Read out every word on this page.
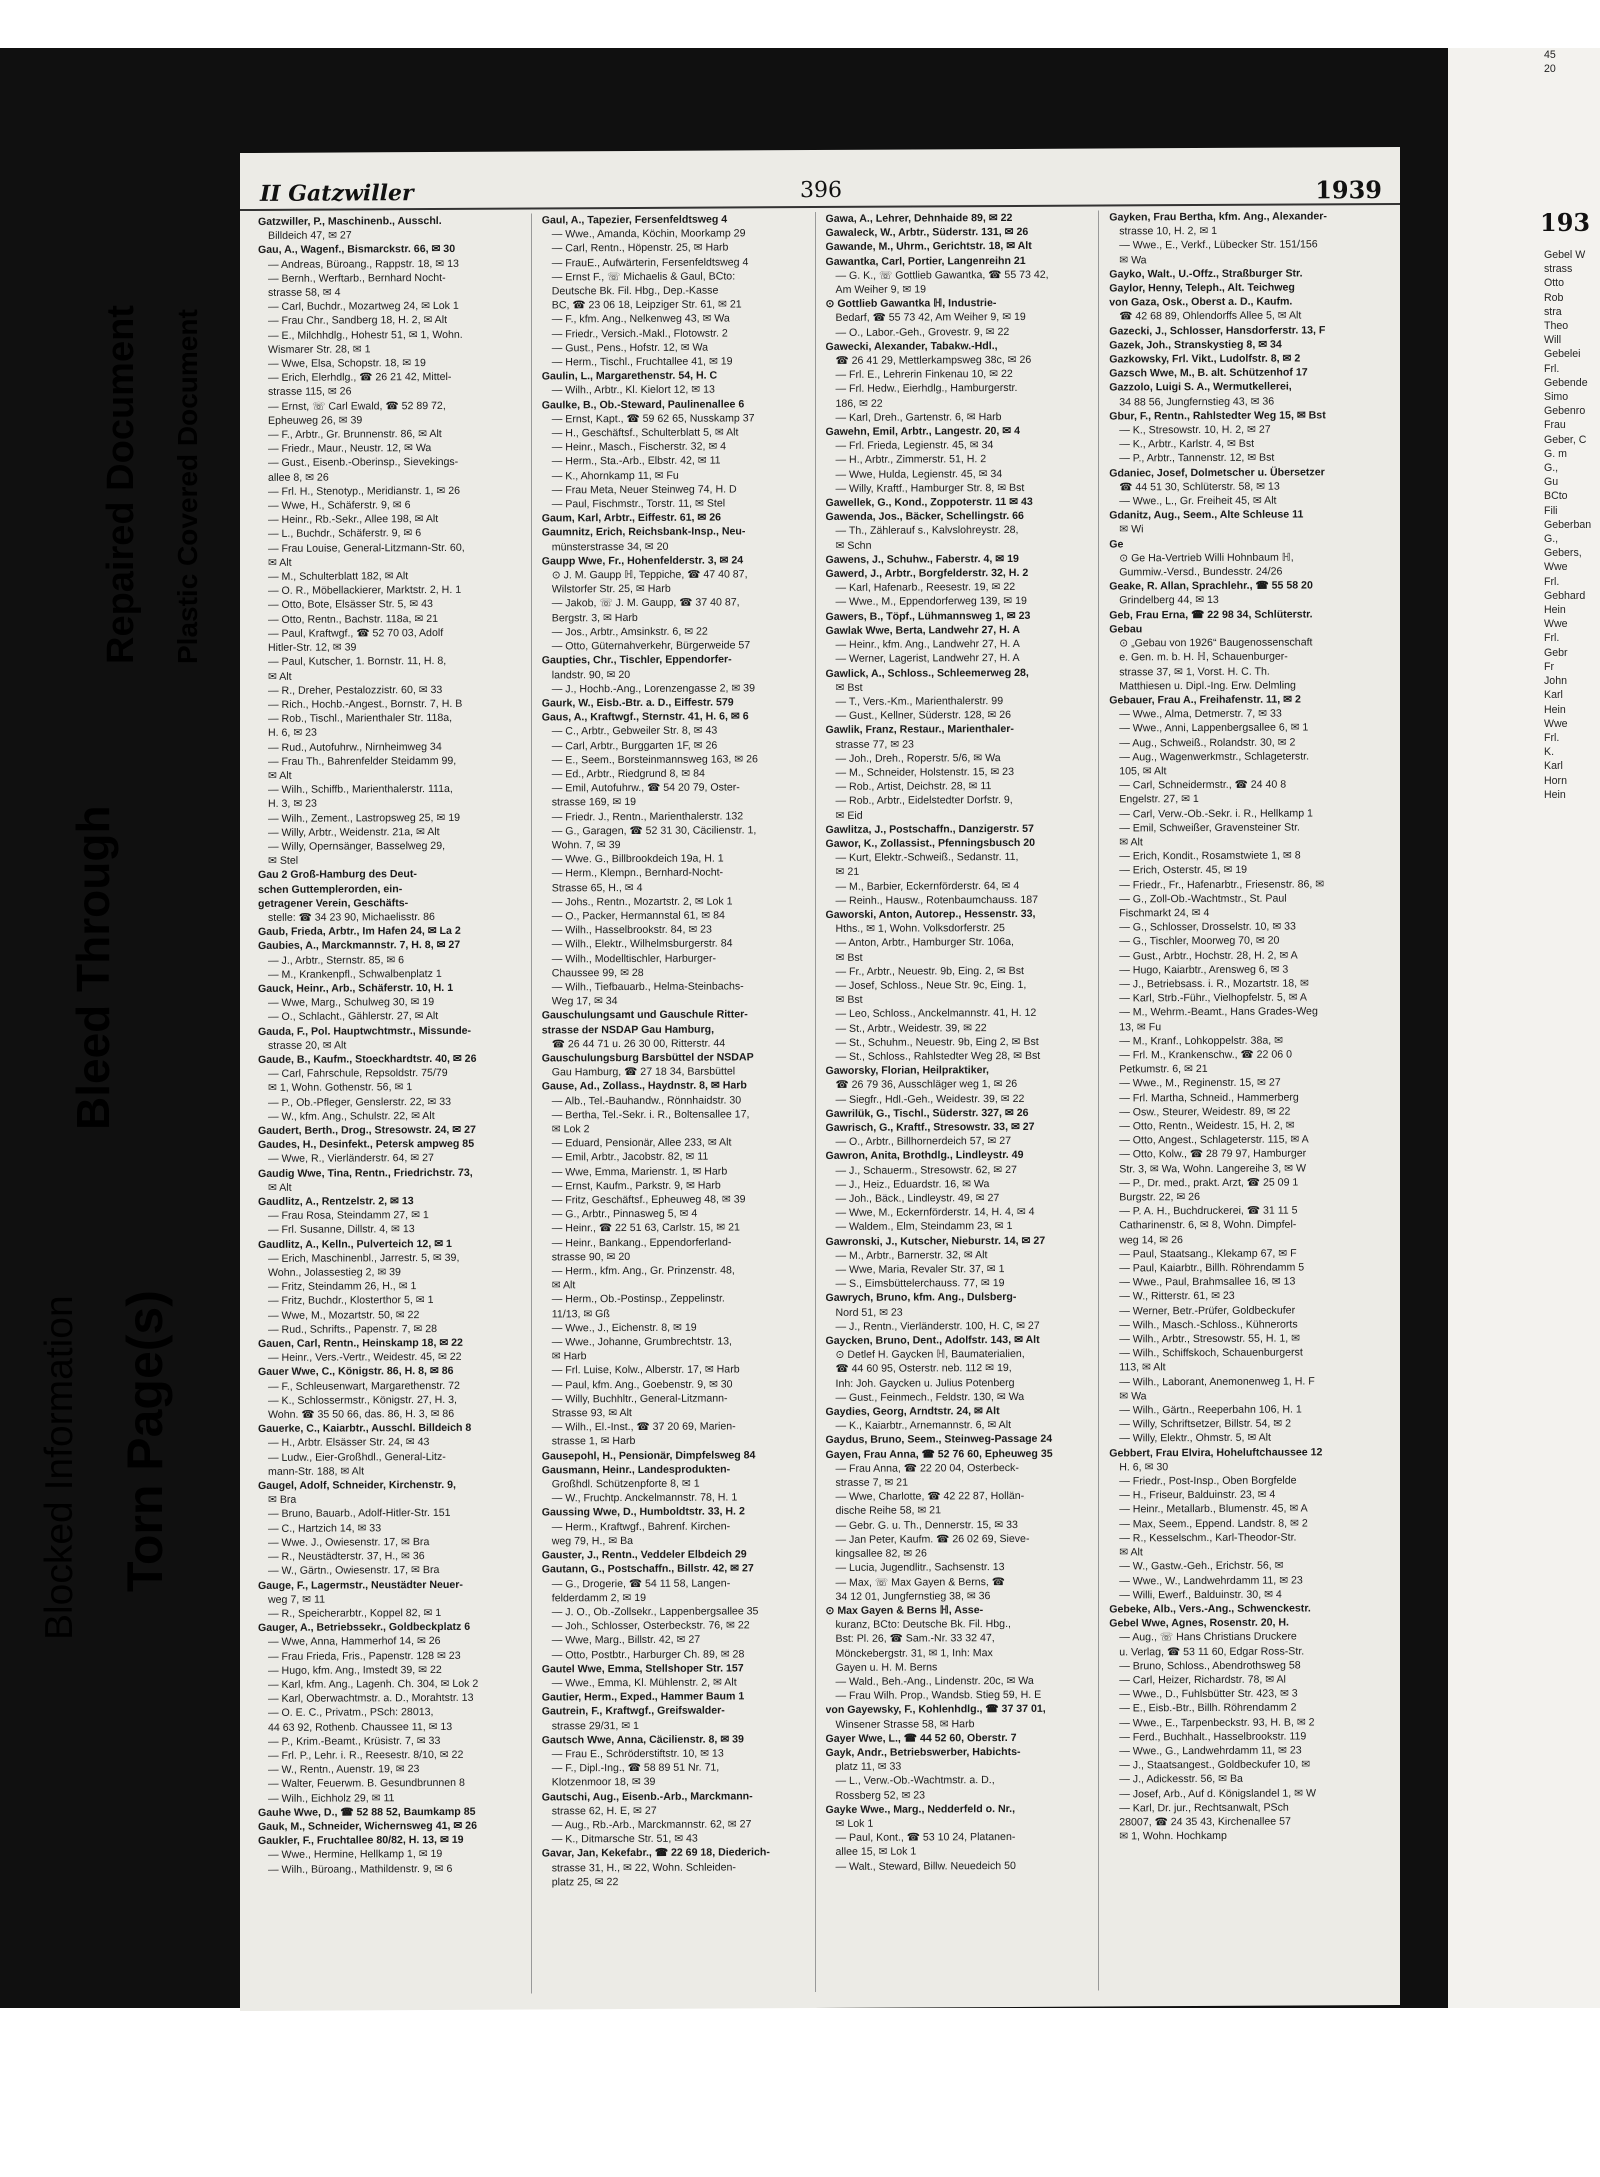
Blocked Information
Bleed Through
Torn Page(s)
Repaired Document Plastic Covered Document
II Gatzwiller	396	1939
Gatzwiller, P., Maschinenb., Ausschl.
Billdeich 47, ✉ 27
Gau, A., Wagenf., Bismarckstr. 66, ✉ 30
— Andreas, Büroang., Rappstr. 18, ✉ 13
— Bernh., Werftarb., Bernhard Nocht-
strasse 58, ✉ 4
— Carl, Buchdr., Mozartweg 24, ✉ Lok 1
— Frau Chr., Sandberg 18, H. 2, ✉ Alt
— E., Milchhdlg., Hohestr 51, ✉ 1, Wohn.
Wismarer Str. 28, ✉ 1
— Wwe, Elsa, Schopstr. 18, ✉ 19
— Erich, Elerhdlg., ☎ 26 21 42, Mittel-
strasse 115, ✉ 26
— Ernst, ☏ Carl Ewald, ☎ 52 89 72,
Epheuweg 26, ✉ 39
— F., Arbtr., Gr. Brunnenstr. 86, ✉ Alt
— Friedr., Maur., Neustr. 12, ✉ Wa
— Gust., Eisenb.-Oberinsp., Sievekings-
allee 8, ✉ 26
— Frl. H., Stenotyp., Meridianstr. 1, ✉ 26
— Wwe, H., Schäferstr. 9, ✉ 6
— Heinr., Rb.-Sekr., Allee 198, ✉ Alt
— L., Buchdr., Schäferstr. 9, ✉ 6
— Frau Louise, General-Litzmann-Str. 60,
✉ Alt
— M., Schulterblatt 182, ✉ Alt
— O. R., Möbellackierer, Marktstr. 2, H. 1
— Otto, Bote, Elsässer Str. 5, ✉ 43
— Otto, Rentn., Bachstr. 118a, ✉ 21
— Paul, Kraftwgf., ☎ 52 70 03, Adolf
Hitler-Str. 12, ✉ 39
— Paul, Kutscher, 1. Bornstr. 11, H. 8,
✉ Alt
— R., Dreher, Pestalozzistr. 60, ✉ 33
— Rich., Hochb.-Angest., Bornstr. 7, H. B
— Rob., Tischl., Marienthaler Str. 118a,
H. 6, ✉ 23
— Rud., Autofuhrw., Nirnheimweg 34
— Frau Th., Bahrenfelder Steidamm 99,
✉ Alt
— Wilh., Schiffb., Marienthalerstr. 111a,
H. 3, ✉ 23
— Wilh., Zement., Lastropsweg 25, ✉ 19
— Willy, Arbtr., Weidenstr. 21a, ✉ Alt
— Willy, Opernsänger, Basselweg 29,
✉ Stel
Gau 2 Groß-Hamburg des Deut-
schen Guttemplerorden, ein-
getragener Verein, Geschäfts-
stelle: ☎ 34 23 90, Michaelisstr. 86
Gaub, Frieda, Arbtr., Im Hafen 24, ✉ La 2
Gaubies, A., Marckmannstr. 7, H. 8, ✉ 27
— J., Arbtr., Sternstr. 85, ✉ 6
— M., Krankenpfl., Schwalbenplatz 1
Gauck, Heinr., Arb., Schäferstr. 10, H. 1
— Wwe, Marg., Schulweg 30, ✉ 19
— O., Schlacht., Gählerstr. 27, ✉ Alt
Gauda, F., Pol. Hauptwchtmstr., Missunde-
strasse 20, ✉ Alt
Gaude, B., Kaufm., Stoeckhardtstr. 40, ✉ 26
— Carl, Fahrschule, Repsoldstr. 75/79
✉ 1, Wohn. Gothenstr. 56, ✉ 1
— P., Ob.-Pfleger, Genslerstr. 22, ✉ 33
— W., kfm. Ang., Schulstr. 22, ✉ Alt
Gaudert, Berth., Drog., Stresowstr. 24, ✉ 27
Gaudes, H., Desinfekt., Petersk ampweg 85
— Wwe, R., Vierländerstr. 64, ✉ 27
Gaudig Wwe, Tina, Rentn., Friedrichstr. 73,
✉ Alt
Gaudlitz, A., Rentzelstr. 2, ✉ 13
— Frau Rosa, Steindamm 27, ✉ 1
— Frl. Susanne, Dillstr. 4, ✉ 13
Gaudlitz, A., Kelln., Pulverteich 12, ✉ 1
— Erich, Maschinenbl., Jarrestr. 5, ✉ 39,
Wohn., Jolassestieg 2, ✉ 39
— Fritz, Steindamm 26, H., ✉ 1
— Fritz, Buchdr., Klosterthor 5, ✉ 1
— Wwe, M., Mozartstr. 50, ✉ 22
— Rud., Schrifts., Papenstr. 7, ✉ 28
Gauen, Carl, Rentn., Heinskamp 18, ✉ 22
— Heinr., Vers.-Vertr., Weidestr. 45, ✉ 22
Gauer Wwe, C., Königstr. 86, H. 8, ✉ 86
— F., Schleusenwart, Margarethenstr. 72
— K., Schlossermstr., Königstr. 27, H. 3,
Wohn. ☎ 35 50 66, das. 86, H. 3, ✉ 86
Gauerke, C., Kaiarbtr., Ausschl. Billdeich 8
— H., Arbtr. Elsässer Str. 24, ✉ 43
— Ludw., Eier-Großhdl., General-Litz-
mann-Str. 188, ✉ Alt
Gaugel, Adolf, Schneider, Kirchenstr. 9,
✉ Bra
— Bruno, Bauarb., Adolf-Hitler-Str. 151
— C., Hartzich 14, ✉ 33
— Wwe. J., Owiesenstr. 17, ✉ Bra
— R., Neustädterstr. 37, H., ✉ 36
— W., Gärtn., Owiesenstr. 17, ✉ Bra
Gauge, F., Lagermstr., Neustädter Neuer-
weg 7, ✉ 11
— R., Speicherarbtr., Koppel 82, ✉ 1
Gauger, A., Betriebssekr., Goldbeckplatz 6
— Wwe, Anna, Hammerhof 14, ✉ 26
— Frau Frieda, Fris., Papenstr. 128 ✉ 23
— Hugo, kfm. Ang., Imstedt 39, ✉ 22
— Karl, kfm. Ang., Lagenh. Ch. 304, ✉ Lok 2
— Karl, Oberwachtmstr. a. D., Morahtstr. 13
— O. E. C., Privatm., PSch: 28013,
44 63 92, Rothenb. Chaussee 11, ✉ 13
— P., Krim.-Beamt., Krüsistr. 7, ✉ 33
— Frl. P., Lehr. i. R., Reesestr. 8/10, ✉ 22
— W., Rentn., Auenstr. 19, ✉ 23
— Walter, Feuerwm. B. Gesundbrunnen 8
— Wilh., Eichholz 29, ✉ 11
Gauhe Wwe, D., ☎ 52 88 52, Baumkamp 85
Gauk, M., Schneider, Wichernsweg 41, ✉ 26
Gaukler, F., Fruchtallee 80/82, H. 13, ✉ 19
— Wwe., Hermine, Hellkamp 1, ✉ 19
— Wilh., Büroang., Mathildenstr. 9, ✉ 6
Gaul, A., Tapezier, Fersenfeldtsweg 4
— Wwe., Amanda, Köchin, Moorkamp 29
— Carl, Rentn., Höpenstr. 25, ✉ Harb
— FrauE., Aufwärterin, Fersenfeldtsweg 4
— Ernst F., ☏ Michaelis & Gaul, BCto:
Deutsche Bk. Fil. Hbg., Dep.-Kasse
BC, ☎ 23 06 18, Leipziger Str. 61, ✉ 21
— F., kfm. Ang., Nelkenweg 43, ✉ Wa
— Friedr., Versich.-Makl., Flotowstr. 2
— Gust., Pens., Hofstr. 12, ✉ Wa
— Herm., Tischl., Fruchtallee 41, ✉ 19
Gaulin, L., Margarethenstr. 54, H. C
— Wilh., Arbtr., Kl. Kielort 12, ✉ 13
Gaulke, B., Ob.-Steward, Paulinenallee 6
— Ernst, Kapt., ☎ 59 62 65, Nusskamp 37
— H., Geschäftsf., Schulterblatt 5, ✉ Alt
— Heinr., Masch., Fischerstr. 32, ✉ 4
— Herm., Sta.-Arb., Elbstr. 42, ✉ 11
— K., Ahornkamp 11, ✉ Fu
— Frau Meta, Neuer Steinweg 74, H. D
— Paul, Fischmstr., Torstr. 11, ✉ Stel
Gaum, Karl, Arbtr., Eiffestr. 61, ✉ 26
Gaumnitz, Erich, Reichsbank-Insp., Neu-
münsterstrasse 34, ✉ 20
Gaupp Wwe, Fr., Hohenfelderstr. 3, ✉ 24
⊙ J. M. Gaupp ℍ, Teppiche, ☎ 47 40 87,
Wilstorfer Str. 25, ✉ Harb
— Jakob, ☏ J. M. Gaupp, ☎ 37 40 87,
Bergstr. 3, ✉ Harb
— Jos., Arbtr., Amsinkstr. 6, ✉ 22
— Otto, Güternahverkehr, Bürgerweide 57
Gaupties, Chr., Tischler, Eppendorfer-
landstr. 90, ✉ 20
— J., Hochb.-Ang., Lorenzengasse 2, ✉ 39
Gaurk, W., Eisb.-Btr. a. D., Eiffestr. 579
Gaus, A., Kraftwgf., Sternstr. 41, H. 6, ✉ 6
— C., Arbtr., Gebweiler Str. 8, ✉ 43
— Carl, Arbtr., Burggarten 1F, ✉ 26
— E., Seem., Borsteinmannsweg 163, ✉ 26
— Ed., Arbtr., Riedgrund 8, ✉ 84
— Emil, Autofuhrw., ☎ 54 20 79, Oster-
strasse 169, ✉ 19
— Friedr. J., Rentn., Marienthalerstr. 132
— G., Garagen, ☎ 52 31 30, Cäcilienstr. 1,
Wohn. 7, ✉ 39
— Wwe. G., Billbrookdeich 19a, H. 1
— Herm., Klempn., Bernhard-Nocht-
Strasse 65, H., ✉ 4
— Johs., Rentn., Mozartstr. 2, ✉ Lok 1
— O., Packer, Hermannstal 61, ✉ 84
— Wilh., Hasselbrookstr. 84, ✉ 23
— Wilh., Elektr., Wilhelmsburgerstr. 84
— Wilh., Modelltischler, Harburger-
Chaussee 99, ✉ 28
— Wilh., Tiefbauarb., Helma-Steinbachs-
Weg 17, ✉ 34
Gauschulungsamt und Gauschule Ritter-
strasse der NSDAP Gau Hamburg,
☎ 26 44 71 u. 26 30 00, Ritterstr. 44
Gauschulungsburg Barsbüttel der NSDAP
Gau Hamburg, ☎ 27 18 34, Barsbüttel
Gause, Ad., Zollass., Haydnstr. 8, ✉ Harb
— Alb., Tel.-Bauhandw., Rönnhaidstr. 30
— Bertha, Tel.-Sekr. i. R., Boltensallee 17,
✉ Lok 2
— Eduard, Pensionär, Allee 233, ✉ Alt
— Emil, Arbtr., Jacobstr. 82, ✉ 11
— Wwe, Emma, Marienstr. 1, ✉ Harb
— Ernst, Kaufm., Parkstr. 9, ✉ Harb
— Fritz, Geschäftsf., Epheuweg 48, ✉ 39
— G., Arbtr., Pinnasweg 5, ✉ 4
— Heinr., ☎ 22 51 63, Carlstr. 15, ✉ 21
— Heinr., Bankang., Eppendorferland-
strasse 90, ✉ 20
— Herm., kfm. Ang., Gr. Prinzenstr. 48,
✉ Alt
— Herm., Ob.-Postinsp., Zeppelinstr.
11/13, ✉ Gß
— Wwe., J., Eichenstr. 8, ✉ 19
— Wwe., Johanne, Grumbrechtstr. 13,
✉ Harb
— Frl. Luise, Kolw., Alberstr. 17, ✉ Harb
— Paul, kfm. Ang., Goebenstr. 9, ✉ 30
— Willy, Buchhltr., General-Litzmann-
Strasse 93, ✉ Alt
— Wilh., El.-Inst., ☎ 37 20 69, Marien-
strasse 1, ✉ Harb
Gausepohl, H., Pensionär, Dimpfelsweg 84
Gausmann, Heinr., Landesprodukten-
Großhdl. Schützenpforte 8, ✉ 1
— W., Fruchtp. Anckelmannstr. 78, H. 1
Gaussing Wwe, D., Humboldtstr. 33, H. 2
— Herm., Kraftwgf., Bahrenf. Kirchen-
weg 79, H., ✉ Ba
Gauster, J., Rentn., Veddeler Elbdeich 29
Gautann, G., Postschaffn., Billstr. 42, ✉ 27
— G., Drogerie, ☎ 54 11 58, Langen-
felderdamm 2, ✉ 19
— J. O., Ob.-Zollsekr., Lappenbergsallee 35
— Joh., Schlosser, Osterbeckstr. 76, ✉ 22
— Wwe, Marg., Billstr. 42, ✉ 27
— Otto, Postbtr., Harburger Ch. 89, ✉ 28
Gautel Wwe, Emma, Stellshoper Str. 157
— Wwe., Emma, Kl. Mühlenstr. 2, ✉ Alt
Gautier, Herm., Exped., Hammer Baum 1
Gautrein, F., Kraftwgf., Greifswalder-
strasse 29/31, ✉ 1
Gautsch Wwe, Anna, Cäcilienstr. 8, ✉ 39
— Frau E., Schröderstiftstr. 10, ✉ 13
— F., Dipl.-Ing., ☎ 58 89 51 Nr. 71,
Klotzenmoor 18, ✉ 39
Gautschi, Aug., Eisenb.-Arb., Marckmann-
strasse 62, H. E, ✉ 27
— Aug., Rb.-Arb., Marckmannstr. 62, ✉ 27
— K., Ditmarsche Str. 51, ✉ 43
Gavar, Jan, Kekefabr., ☎ 22 69 18, Diederich-
strasse 31, H., ✉ 22, Wohn. Schleiden-
platz 25, ✉ 22
Gawa, A., Lehrer, Dehnhaide 89, ✉ 22
Gawaleck, W., Arbtr., Süderstr. 131, ✉ 26
Gawande, M., Uhrm., Gerichtstr. 18, ✉ Alt
Gawantka, Carl, Portier, Langenreihn 21
— G. K., ☏ Gottlieb Gawantka, ☎ 55 73 42,
Am Weiher 9, ✉ 19
⊙ Gottlieb Gawantka ℍ, Industrie-
Bedarf, ☎ 55 73 42, Am Weiher 9, ✉ 19
— O., Labor.-Geh., Grovestr. 9, ✉ 22
Gawecki, Alexander, Tabakw.-Hdl.,
☎ 26 41 29, Mettlerkampsweg 38c, ✉ 26
— Frl. E., Lehrerin Finkenau 10, ✉ 22
— Frl. Hedw., Eierhdlg., Hamburgerstr.
186, ✉ 22
— Karl, Dreh., Gartenstr. 6, ✉ Harb
Gawehn, Emil, Arbtr., Langestr. 20, ✉ 4
— Frl. Frieda, Legienstr. 45, ✉ 34
— H., Arbtr., Zimmerstr. 51, H. 2
— Wwe, Hulda, Legienstr. 45, ✉ 34
— Willy, Kraftf., Hamburger Str. 8, ✉ Bst
Gawellek, G., Kond., Zoppoterstr. 11 ✉ 43
Gawenda, Jos., Bäcker, Schellingstr. 66
— Th., Zählerauf s., Kalvslohreystr. 28,
✉ Schn
Gawens, J., Schuhw., Faberstr. 4, ✉ 19
Gawerd, J., Arbtr., Borgfelderstr. 32, H. 2
— Karl, Hafenarb., Reesestr. 19, ✉ 22
— Wwe., M., Eppendorferweg 139, ✉ 19
Gawers, B., Töpf., Lühmannsweg 1, ✉ 23
Gawlak Wwe, Berta, Landwehr 27, H. A
— Heinr., kfm. Ang., Landwehr 27, H. A
— Werner, Lagerist, Landwehr 27, H. A
Gawlick, A., Schloss., Schleemerweg 28,
✉ Bst
— T., Vers.-Km., Marienthalerstr. 99
— Gust., Kellner, Süderstr. 128, ✉ 26
Gawlik, Franz, Restaur., Marienthaler-
strasse 77, ✉ 23
— Joh., Dreh., Roperstr. 5/6, ✉ Wa
— M., Schneider, Holstenstr. 15, ✉ 23
— Rob., Artist, Deichstr. 28, ✉ 11
— Rob., Arbtr., Eidelstedter Dorfstr. 9,
✉ Eid
Gawlitza, J., Postschaffn., Danzigerstr. 57
Gawor, K., Zollassist., Pfenningsbusch 20
— Kurt, Elektr.-Schweiß., Sedanstr. 11,
✉ 21
— M., Barbier, Eckernförderstr. 64, ✉ 4
— Reinh., Hausw., Rotenbaumchauss. 187
Gaworski, Anton, Autorep., Hessenstr. 33,
Hths., ✉ 1, Wohn. Volksdorferstr. 25
— Anton, Arbtr., Hamburger Str. 106a,
✉ Bst
— Fr., Arbtr., Neuestr. 9b, Eing. 2, ✉ Bst
— Josef, Schloss., Neue Str. 9c, Eing. 1,
✉ Bst
— Leo, Schloss., Anckelmannstr. 41, H. 12
— St., Arbtr., Weidestr. 39, ✉ 22
— St., Schuhm., Neuestr. 9b, Eing 2, ✉ Bst
— St., Schloss., Rahlstedter Weg 28, ✉ Bst
Gaworsky, Florian, Heilpraktiker,
☎ 26 79 36, Ausschläger weg 1, ✉ 26
— Siegfr., Hdl.-Geh., Weidestr. 39, ✉ 22
Gawrilük, G., Tischl., Süderstr. 327, ✉ 26
Gawrisch, G., Kraftf., Stresowstr. 33, ✉ 27
— O., Arbtr., Billhornerdeich 57, ✉ 27
Gawron, Anita, Brothdlg., Lindleystr. 49
— J., Schauerm., Stresowstr. 62, ✉ 27
— J., Heiz., Eduardstr. 16, ✉ Wa
— Joh., Bäck., Lindleystr. 49, ✉ 27
— Wwe, M., Eckernförderstr. 14, H. 4, ✉ 4
— Waldem., Elm, Steindamm 23, ✉ 1
Gawronski, J., Kutscher, Nieburstr. 14, ✉ 27
— M., Arbtr., Barnerstr. 32, ✉ Alt
— Wwe, Maria, Revaler Str. 37, ✉ 1
— S., Eimsbüttelerchauss. 77, ✉ 19
Gawrych, Bruno, kfm. Ang., Dulsberg-
Nord 51, ✉ 23
— J., Rentn., Vierländerstr. 100, H. C, ✉ 27
Gaycken, Bruno, Dent., Adolfstr. 143, ✉ Alt
⊙ Detlef H. Gaycken ℍ, Baumaterialien,
☎ 44 60 95, Osterstr. neb. 112 ✉ 19,
Inh: Joh. Gaycken u. Julius Potenberg
— Gust., Feinmech., Feldstr. 130, ✉ Wa
Gaydies, Georg, Arndtstr. 24, ✉ Alt
— K., Kaiarbtr., Arnemannstr. 6, ✉ Alt
Gaydus, Bruno, Seem., Steinweg-Passage 24
Gayen, Frau Anna, ☎ 52 76 60, Epheuweg 35
— Frau Anna, ☎ 22 20 04, Osterbeck-
strasse 7, ✉ 21
— Wwe, Charlotte, ☎ 42 22 87, Hollän-
dische Reihe 58, ✉ 21
— Gebr. G. u. Th., Dennerstr. 15, ✉ 33
— Jan Peter, Kaufm. ☎ 26 02 69, Sieve-
kingsallee 82, ✉ 26
— Lucia, Jugendlitr., Sachsenstr. 13
— Max, ☏ Max Gayen & Berns, ☎
34 12 01, Jungfernstieg 38, ✉ 36
⊙ Max Gayen & Berns ℍ, Asse-
kuranz, BCto: Deutsche Bk. Fil. Hbg.,
Bst: Pl. 26, ☎ Sam.-Nr. 33 32 47,
Mönckebergstr. 31, ✉ 1, Inh: Max
Gayen u. H. M. Berns
— Wald., Beh.-Ang., Lindenstr. 20c, ✉ Wa
— Frau Wilh. Prop., Wandsb. Stieg 59, H. E
von Gayewsky, F., Kohlenhdlg., ☎ 37 37 01,
Winsener Strasse 58, ✉ Harb
Gayer Wwe, L., ☎ 44 52 60, Oberstr. 7
Gayk, Andr., Betriebswerber, Habichts-
platz 11, ✉ 33
— L., Verw.-Ob.-Wachtmstr. a. D.,
Rossberg 52, ✉ 23
Gayke Wwe., Marg., Nedderfeld o. Nr.,
✉ Lok 1
— Paul, Kont., ☎ 53 10 24, Platanen-
allee 15, ✉ Lok 1
— Walt., Steward, Billw. Neuedeich 50
Gayken, Frau Bertha, kfm. Ang., Alexander-
strasse 10, H. 2, ✉ 1
— Wwe., E., Verkf., Lübecker Str. 151/156
✉ Wa
Gayko, Walt., U.-Offz., Straßburger Str.
Gaylor, Henny, Teleph., Alt. Teichweg
von Gaza, Osk., Oberst a. D., Kaufm.
☎ 42 68 89, Ohlendorffs Allee 5, ✉ Alt
Gazecki, J., Schlosser, Hansdorferstr. 13, F
Gazek, Joh., Stranskystieg 8, ✉ 34
Gazkowsky, Frl. Vikt., Ludolfstr. 8, ✉ 2
Gazsch Wwe, M., B. alt. Schützenhof 17
Gazzolo, Luigi S. A., Wermutkellerei,
34 88 56, Jungfernstieg 43, ✉ 36
Gbur, F., Rentn., Rahlstedter Weg 15, ✉ Bst
— K., Stresowstr. 10, H. 2, ✉ 27
— K., Arbtr., Karlstr. 4, ✉ Bst
— P., Arbtr., Tannenstr. 12, ✉ Bst
Gdaniec, Josef, Dolmetscher u. Übersetzer
☎ 44 51 30, Schlüterstr. 58, ✉ 13
— Wwe., L., Gr. Freiheit 45, ✉ Alt
Gdanitz, Aug., Seem., Alte Schleuse 11
✉ Wi
Ge
⊙ Ge Ha-Vertrieb Willi Hohnbaum ℍ,
Gummiw.-Versd., Bundesstr. 24/26
Geake, R. Allan, Sprachlehr., ☎ 55 58 20
Grindelberg 44, ✉ 13
Geb, Frau Erna, ☎ 22 98 34, Schlüterstr.
Gebau
⊙ „Gebau von 1926“ Baugenossenschaft
e. Gen. m. b. H. ℍ, Schauenburger-
strasse 37, ✉ 1, Vorst. H. C. Th.
Matthiesen u. Dipl.-Ing. Erw. Delmling
Gebauer, Frau A., Freihafenstr. 11, ✉ 2
— Wwe., Alma, Detmerstr. 7, ✉ 33
— Wwe., Anni, Lappenbergsallee 6, ✉ 1
— Aug., Schweiß., Rolandstr. 30, ✉ 2
— Aug., Wagenwerkmstr., Schlageterstr.
105, ✉ Alt
— Carl, Schneidermstr., ☎ 24 40 8
Engelstr. 27, ✉ 1
— Carl, Verw.-Ob.-Sekr. i. R., Hellkamp 1
— Emil, Schweißer, Gravensteiner Str.
✉ Alt
— Erich, Kondit., Rosamstwiete 1, ✉ 8
— Erich, Osterstr. 45, ✉ 19
— Friedr., Fr., Hafenarbtr., Friesenstr. 86, ✉
— G., Zoll-Ob.-Wachtmstr., St. Paul
Fischmarkt 24, ✉ 4
— G., Schlosser, Drosselstr. 10, ✉ 33
— G., Tischler, Moorweg 70, ✉ 20
— Gust., Arbtr., Hochstr. 28, H. 2, ✉ A
— Hugo, Kaiarbtr., Arensweg 6, ✉ 3
— J., Betriebsass. i. R., Mozartstr. 18, ✉
— Karl, Strb.-Führ., Vielhopfelstr. 5, ✉ A
— M., Wehrm.-Beamt., Hans Grades-Weg
13, ✉ Fu
— M., Kranf., Lohkoppelstr. 38a, ✉
— Frl. M., Krankenschw., ☎ 22 06 0
Petkumstr. 6, ✉ 21
— Wwe., M., Reginenstr. 15, ✉ 27
— Frl. Martha, Schneid., Hammerberg
— Osw., Steurer, Weidestr. 89, ✉ 22
— Otto, Rentn., Weidestr. 15, H. 2, ✉
— Otto, Angest., Schlageterstr. 115, ✉ A
— Otto, Kolw., ☎ 28 79 97, Hamburger
Str. 3, ✉ Wa, Wohn. Langereihe 3, ✉ W
— P., Dr. med., prakt. Arzt, ☎ 25 09 1
Burgstr. 22, ✉ 26
— P. A. H., Buchdruckerei, ☎ 31 11 5
Catharinenstr. 6, ✉ 8, Wohn. Dimpfel-
weg 14, ✉ 26
— Paul, Staatsang., Klekamp 67, ✉ F
— Paul, Kaiarbtr., Billh. Röhrendamm 5
— Wwe., Paul, Brahmsallee 16, ✉ 13
— W., Ritterstr. 61, ✉ 23
— Werner, Betr.-Prüfer, Goldbeckufer
— Wilh., Masch.-Schloss., Kühnerorts
— Wilh., Arbtr., Stresowstr. 55, H. 1, ✉
— Wilh., Schiffskoch, Schauenburgerst
113, ✉ Alt
— Wilh., Laborant, Anemonenweg 1, H. F
✉ Wa
— Wilh., Gärtn., Reeperbahn 106, H. 1
— Willy, Schriftsetzer, Billstr. 54, ✉ 2
— Willy, Elektr., Ohmstr. 5, ✉ Alt
Gebbert, Frau Elvira, Hoheluftchaussee 12
H. 6, ✉ 30
— Friedr., Post-Insp., Oben Borgfelde
— H., Friseur, Balduinstr. 23, ✉ 4
— Heinr., Metallarb., Blumenstr. 45, ✉ A
— Max, Seem., Eppend. Landstr. 8, ✉ 2
— R., Kesselschm., Karl-Theodor-Str.
✉ Alt
— W., Gastw.-Geh., Erichstr. 56, ✉
— Wwe., W., Landwehrdamm 11, ✉ 23
— Willi, Ewerf., Balduinstr. 30, ✉ 4
Gebeke, Alb., Vers.-Ang., Schwenckestr.
Gebel Wwe, Agnes, Rosenstr. 20, H.
— Aug., ☏ Hans Christians Druckere
u. Verlag, ☎ 53 11 60, Edgar Ross-Str.
— Bruno, Schloss., Abendrothsweg 58
— Carl, Heizer, Richardstr. 78, ✉ Al
— Wwe., D., Fuhlsbütter Str. 423, ✉ 3
— E., Eisb.-Btr., Billh. Röhrendamm 2
— Wwe., E., Tarpenbeckstr. 93, H. B, ✉ 2
— Ferd., Buchhalt., Hasselbrookstr. 119
— Wwe., G., Landwehrdamm 11, ✉ 23
— J., Staatsangest., Goldbeckufer 10, ✉
— J., Adickesstr. 56, ✉ Ba
— Josef, Arb., Auf d. Königslandel 1, ✉ W
— Karl, Dr. jur., Rechtsanwalt, PSch
28007, ☎ 24 35 43, Kirchenallee 57
✉ 1, Wohn. Hochkamp
45
20
193
Gebel W
strass
Otto
Rob
stra
Theo
Will
Gebelei
Frl.
Gebende
Simo
Gebenro
Frau
Geber, C
G. m
G.,
Gu
BCto
Fili
Geberban
G.,
Gebers,
Wwe
Frl.
Gebhard
Hein
Wwe
Frl.
Gebr
Fr
John
Karl
Hein
Wwe
Frl.
K.
Karl
Horn
Hein
